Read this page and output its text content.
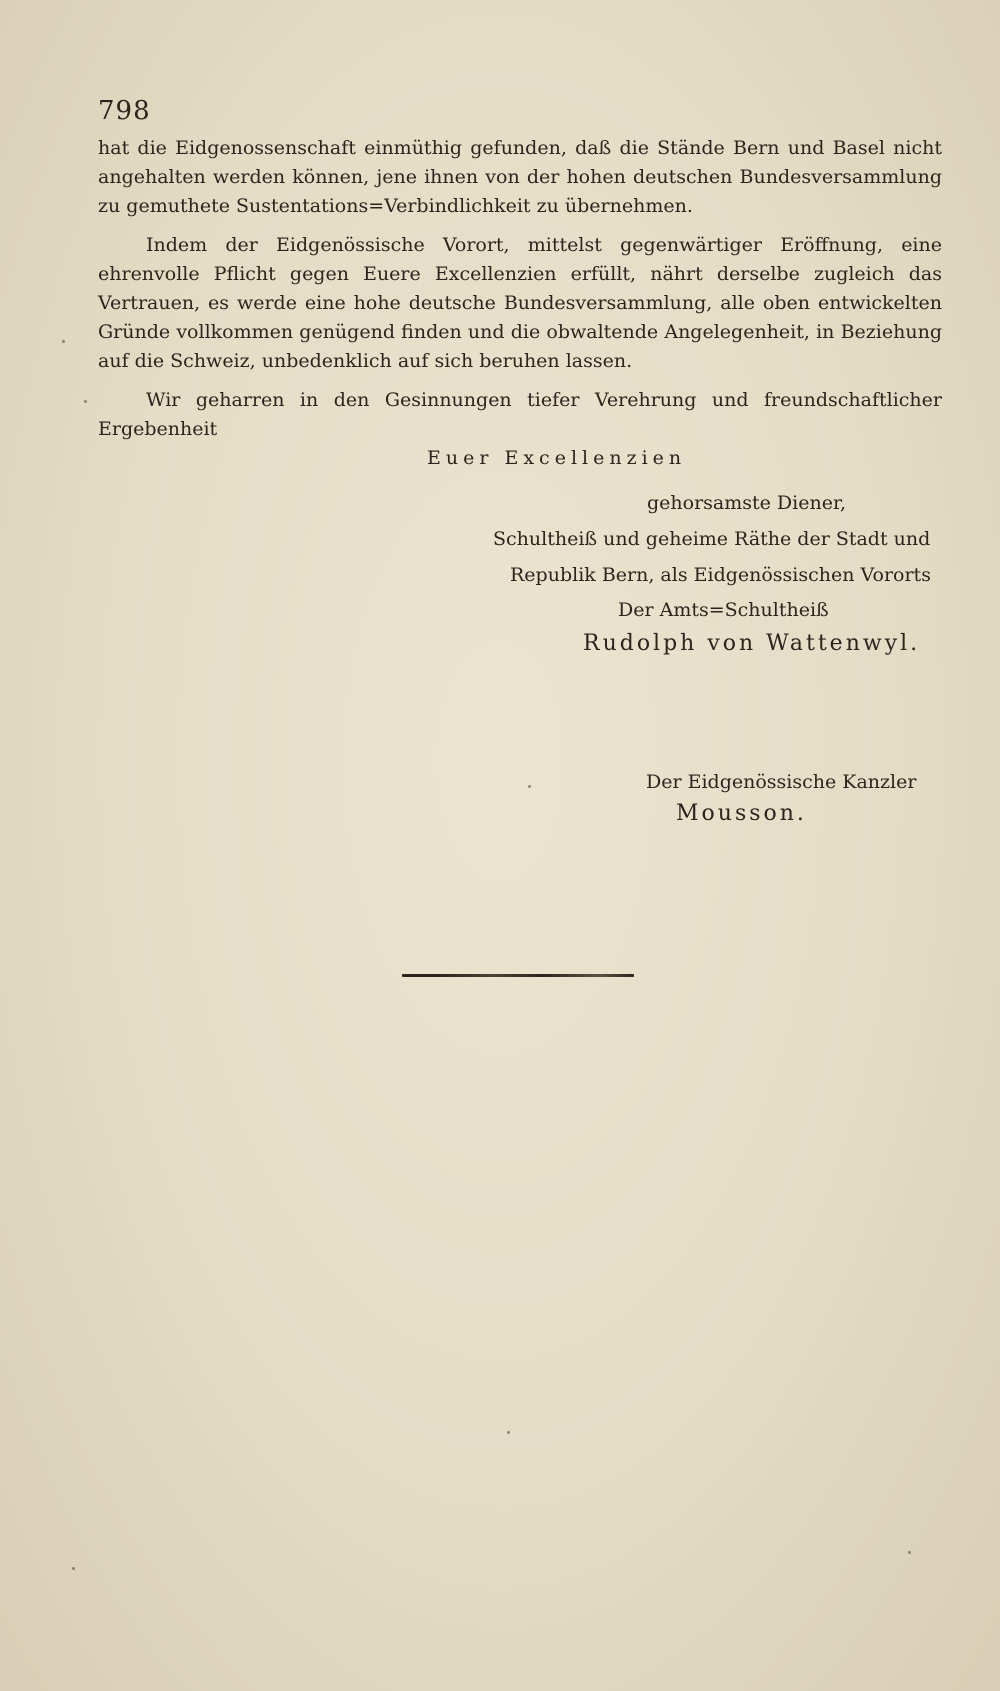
798

hat die Eidgenossenschaft einmüthig gefunden, daß die Stände Bern und Basel nicht angehalten werden können, jene ihnen von der hohen deutschen Bundesversammlung zu gemuthete Sustentations=Verbindlichkeit zu übernehmen.

Indem der Eidgenössische Vorort, mittelst gegenwärtiger Eröffnung, eine ehrenvolle Pflicht gegen Euere Excellenzien erfüllt, nährt derselbe zugleich das Vertrauen, es werde eine hohe deutsche Bundesversammlung, alle oben entwickelten Gründe vollkommen genügend finden und die obwaltende Angelegenheit, in Beziehung auf die Schweiz, unbedenklich auf sich beruhen lassen.

Wir geharren in den Gesinnungen tiefer Verehrung und freundschaftlicher Ergebenheit

Euer Excellenzien
gehorsamste Diener,
Schultheiß und geheime Räthe der Stadt und
Republik Bern, als Eidgenössischen Vororts
Der Amts=Schultheiß
Rudolph von Wattenwyl.
Der Eidgenössische Kanzler
Mousson.
